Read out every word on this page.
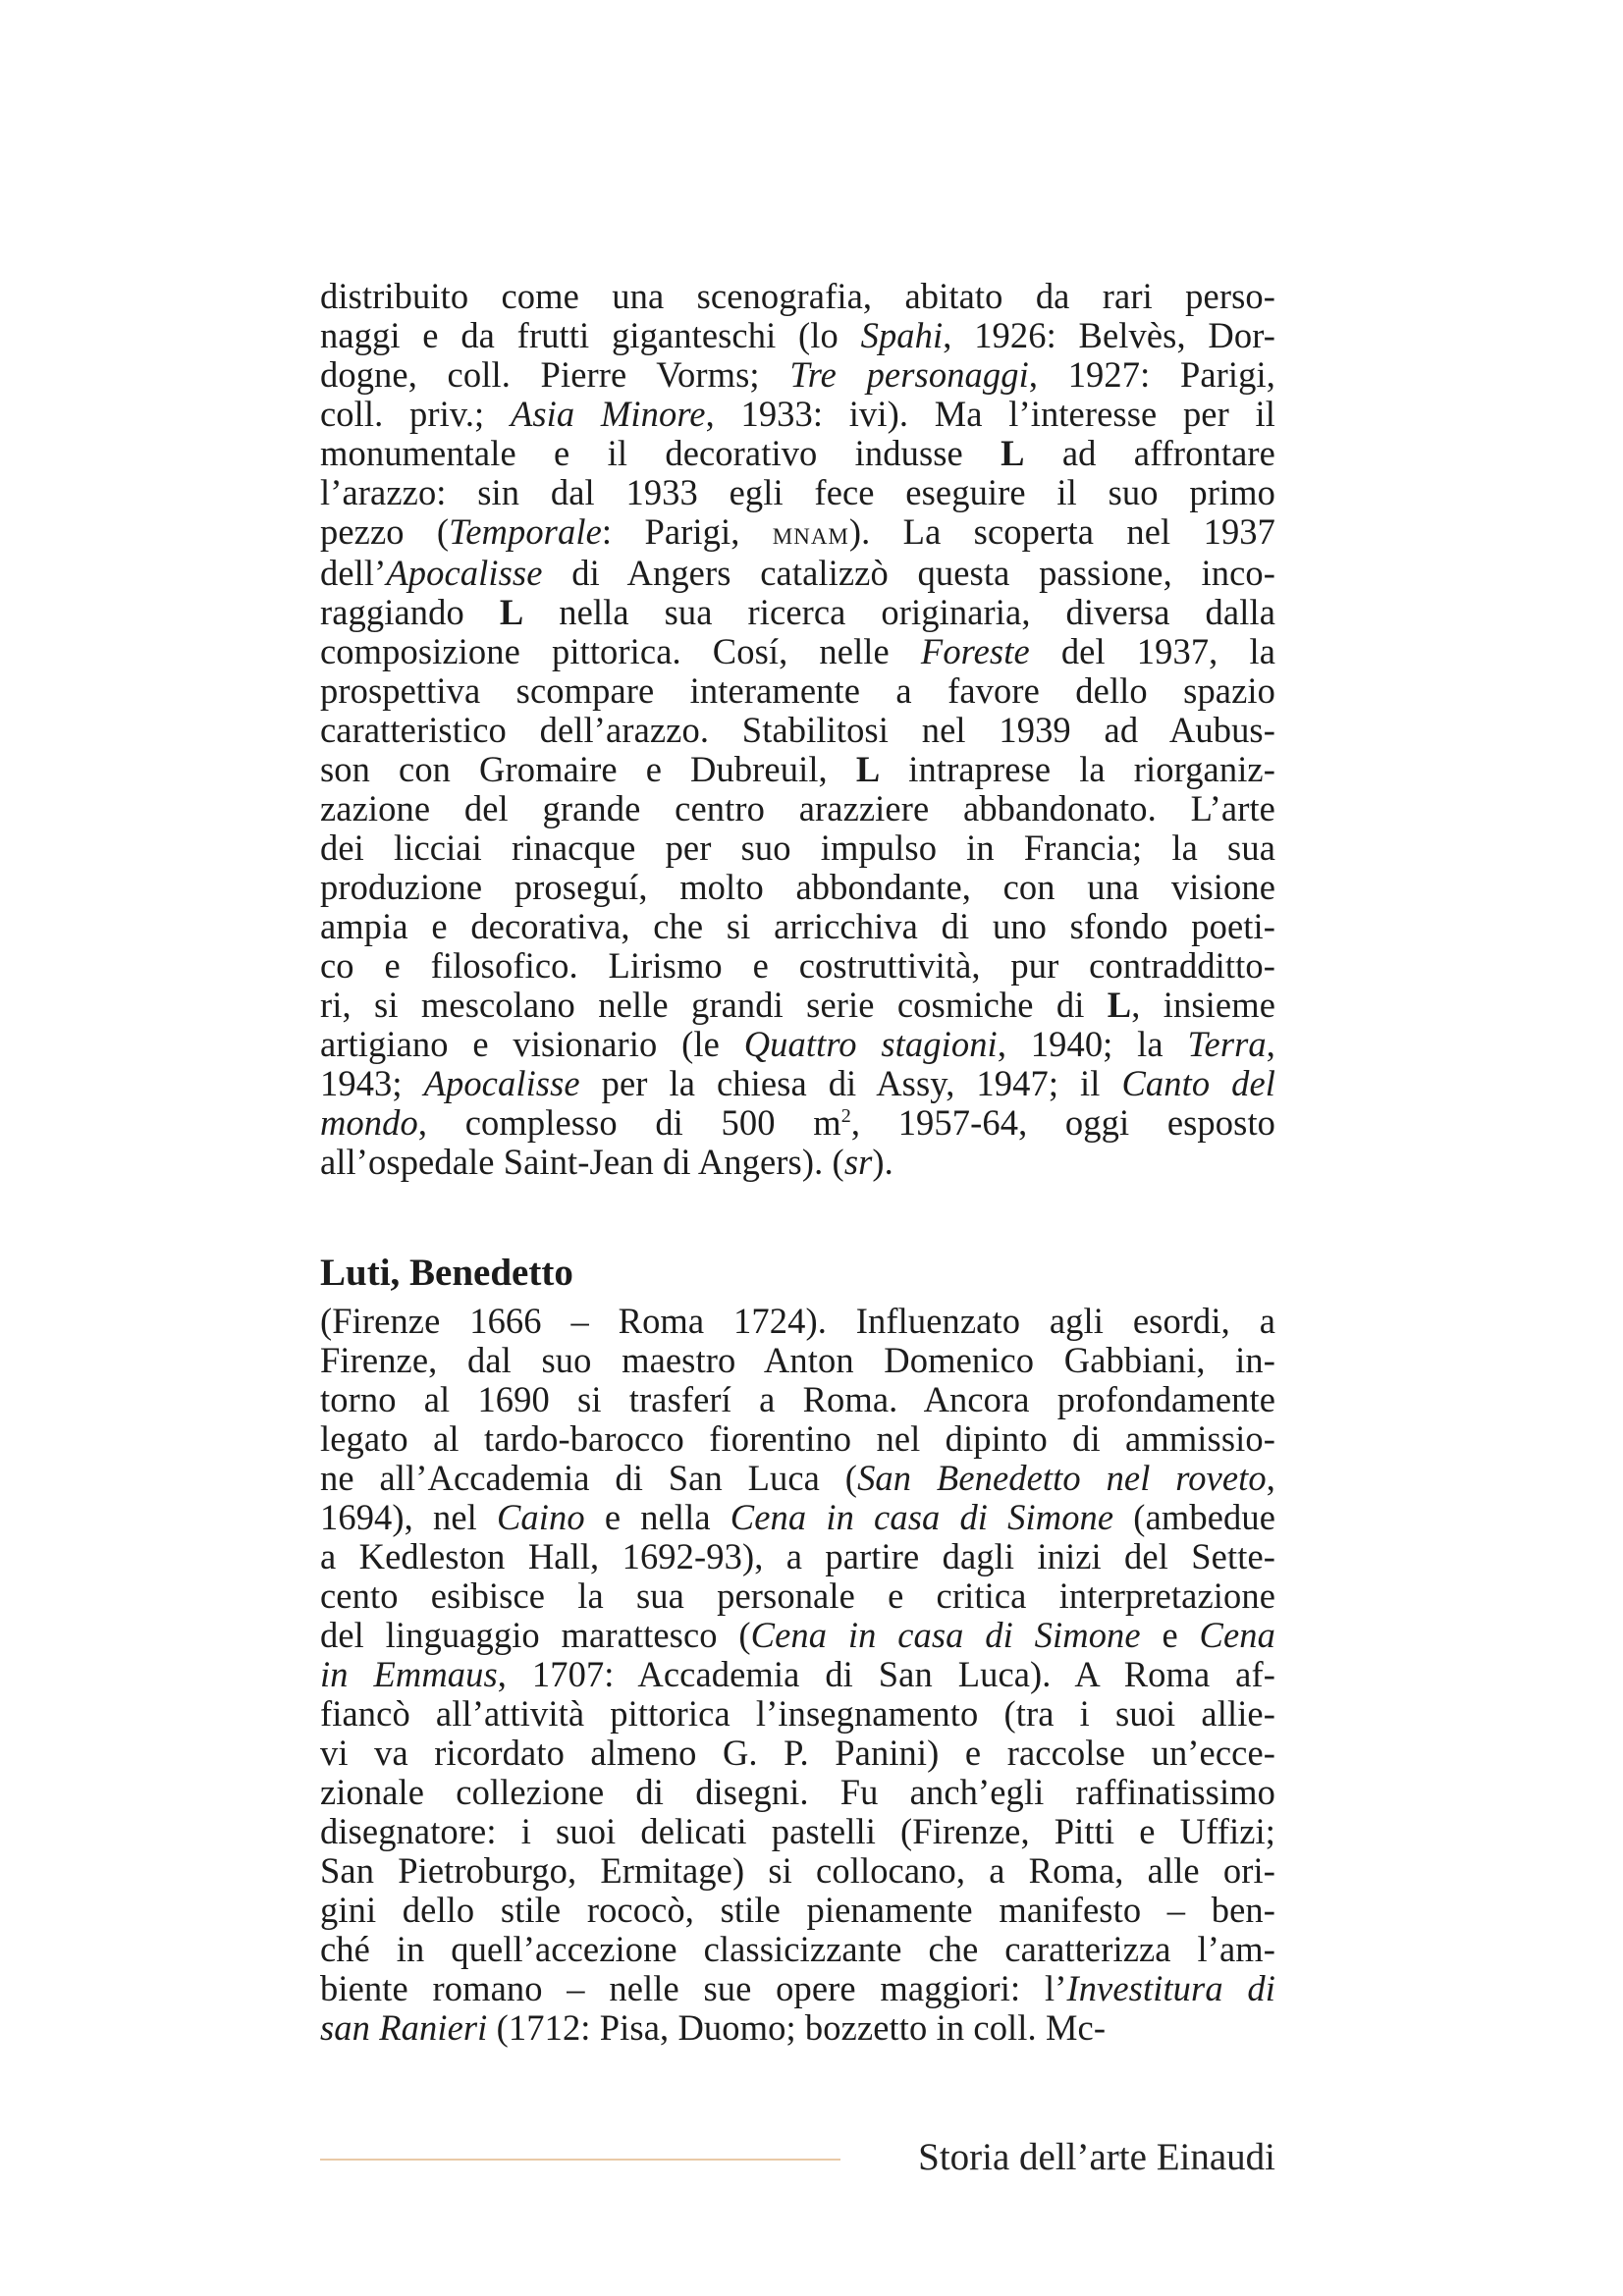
distribuito come una scenografia, abitato da rari perso-
naggi e da frutti giganteschi (lo Spahi, 1926: Belvès, Dor-
dogne, coll. Pierre Vorms; Tre personaggi, 1927: Parigi,
coll. priv.; Asia Minore, 1933: ivi). Ma l’interesse per il
monumentale e il decorativo indusse L ad affrontare
l’arazzo: sin dal 1933 egli fece eseguire il suo primo
pezzo (Temporale: Parigi, mnam). La scoperta nel 1937
dell’Apocalisse di Angers catalizzò questa passione, inco-
raggiando L nella sua ricerca originaria, diversa dalla
composizione pittorica. Cosí, nelle Foreste del 1937, la
prospettiva scompare interamente a favore dello spazio
caratteristico dell’arazzo. Stabilitosi nel 1939 ad Aubus-
son con Gromaire e Dubreuil, L intraprese la riorganiz-
zazione del grande centro arazziere abbandonato. L’arte
dei licciai rinacque per suo impulso in Francia; la sua
produzione proseguí, molto abbondante, con una visione
ampia e decorativa, che si arricchiva di uno sfondo poeti-
co e filosofico. Lirismo e costruttività, pur contradditto-
ri, si mescolano nelle grandi serie cosmiche di L, insieme
artigiano e visionario (le Quattro stagioni, 1940; la Terra,
1943; Apocalisse per la chiesa di Assy, 1947; il Canto del
mondo, complesso di 500 $m^2$, 1957-64, oggi esposto
all’ospedale Saint-Jean di Angers). (sr).
Luti, Benedetto
(Firenze 1666 – Roma 1724). Influenzato agli esordi, a
Firenze, dal suo maestro Anton Domenico Gabbiani, in-
torno al 1690 si trasferí a Roma. Ancora profondamente
legato al tardo-barocco fiorentino nel dipinto di ammissio-
ne all’Accademia di San Luca (San Benedetto nel roveto,
1694), nel Caino e nella Cena in casa di Simone (ambedue
a Kedleston Hall, 1692-93), a partire dagli inizi del Sette-
cento esibisce la sua personale e critica interpretazione
del linguaggio marattesco (Cena in casa di Simone e Cena
in Emmaus, 1707: Accademia di San Luca). A Roma af-
fiancò all’attività pittorica l’insegnamento (tra i suoi allie-
vi va ricordato almeno G. P. Panini) e raccolse un’ecce-
zionale collezione di disegni. Fu anch’egli raffinatissimo
disegnatore: i suoi delicati pastelli (Firenze, Pitti e Uffizi;
San Pietroburgo, Ermitage) si collocano, a Roma, alle ori-
gini dello stile rococò, stile pienamente manifesto – ben-
ché in quell’accezione classicizzante che caratterizza l’am-
biente romano – nelle sue opere maggiori: l’Investitura di
san Ranieri (1712: Pisa, Duomo; bozzetto in coll. Mc-
Storia dell’arte Einaudi
